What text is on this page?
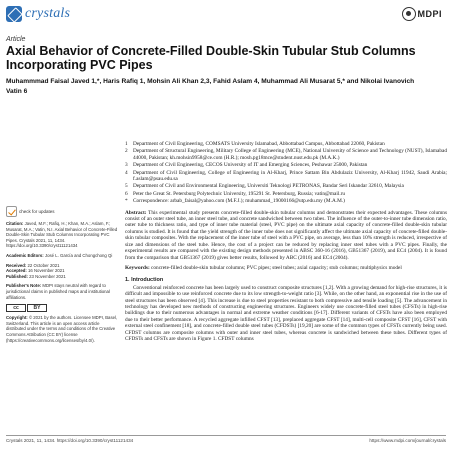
crystals	MDPI
Article
Axial Behavior of Concrete-Filled Double-Skin Tubular Stub Columns Incorporating PVC Pipes
Muhammmad Faisal Javed 1,*, Haris Rafiq 1, Mohsin Ali Khan 2,3, Fahid Aslam 4, Muhammad Ali Musarat 5,* and Nikolai Ivanovich Vatin 6
check for updates
Citation: Javed, M.F.; Rafiq, H.; Khan, M.A.; Aslam, F.; Musarat, M.A.; Vatin, N.I. Axial Behavior of Concrete-Filled Double-Skin Tubular Stub Columns Incorporating PVC Pipes. Crystals 2021, 11, 1434. https://doi.org/10.3390/cryst11121434
Academic Editors: José L. García and Chongchong Qi
Received: 22 October 2021
Accepted: 16 November 2021
Published: 23 November 2021
Publisher's Note: MDPI stays neutral with regard to jurisdictional claims in published maps and institutional affiliations.
cc	BY
Copyright: © 2021 by the authors. Licensee MDPI, Basel, Switzerland. This article is an open access article distributed under the terms and conditions of the Creative Commons Attribution (CC BY) license (https://creativecommons.org/licenses/by/4.0/).
1	Department of Civil Engineering, COMSATS University Islamabad, Abbottabad Campus, Abbottabad 22060, Pakistan
2	Department of Structural Engineering, Military College of Engineering (MCE), National University of Science and Technology (NUST), Islamabad 44000, Pakistan; kh.mohsin9958@ce.com (H.R.); mosh.pg18mce@student.nust.edu.pk (M.A.K.)
3	Department of Civil Engineering, CECOS University of IT and Emerging Sciences, Peshawar 25000, Pakistan
4	Department of Civil Engineering, College of Engineering in Al-Kharj, Prince Sattam Bin Abdulaziz University, Al-Kharj 11942, Saudi Arabia; f.aslam@psau.edu.sa
5	Department of Civil and Environmental Engineering, Universiti Teknologi PETRONAS, Bandar Seri Iskandar 32610, Malaysia
6	Peter the Great St. Petersburg Polytechnic University, 195291 St. Petersburg, Russia; vatin@mail.ru
*	Correspondence: arbab_faisal@yahoo.com (M.F.J.); muhammad_19000166@utp.edu.my (M.A.M.)
Abstract: This experimental study presents concrete-filled double-skin tubular columns and demonstrates their expected advantages. These columns consist of an outer steel tube, an inner steel tube, and concrete sandwiched between two tubes. The influence of the outer-to-inner tube dimension ratio, outer tube to thickness ratio, and type of inner tube material (steel, PVC pipe) on the ultimate axial capacity of concrete-filled double-skin tubular columns is studied. It is found that the yield strength of the inner tube does not significantly affect the ultimate axial capacity of concrete-filled double-skin tubular composites. With the replacement of the inner tube of steel with a PVC pipe, on average, less than 10% strength is reduced, irrespective of size and dimensions of the steel tube. Hence, the cost of a project can be reduced by replacing inner steel tubes with a PVC pipes. Finally, the experimental results are compared with the existing design methods presented in ABSC 360-16 (2016), GB51367 (2019), and EC4 (2004). It is found from the comparison that GB51367 (2019) gives better results, followed by ABC (2016) and EC4 (2004).
Keywords: concrete-filled double-skin tubular columns; PVC pipes; steel tubes; axial capacity; stub columns; multiphysics model
1. Introduction
Conventional reinforced concrete has been largely used to construct composite structures [1,2]. With a growing demand for high-rise structures, it is difficult and impossible to use reinforced concrete due to its low strength-to-weight ratio [3]. While, on the other hand, an exponential rise in the use of steel structures has been observed [4]. This increase is due to steel properties resistant to both compressive and tensile loading [5]. The advancement in technology has developed new methods of constructing engineering structures. Engineers widely use concrete-filled steel tubes (CFSTs) in high-rise buildings due to their numerous advantages in normal and extreme weather conditions [6-17]. Different variants of CFSTs have also been employed due to their better performance. A recycled aggregate infilled CFST [13], preplaced aggregate CFST [14], multi-cell composite CFST [16], CFST with external steel confinement [18], and concrete-filled double steel tubes (CFDSTs) [19,20] are some of the common types of CFSTs currently being used. CFDST columns are composite columns with outer and inner steel tubes, whereas concrete is sandwiched between these tubes. Different types of CFDSTs and CFSTs are shown in Figure 1. CFDST columns
Crystals 2021, 11, 1434. https://doi.org/10.3390/cryst11121434	https://www.mdpi.com/journal/crystals
